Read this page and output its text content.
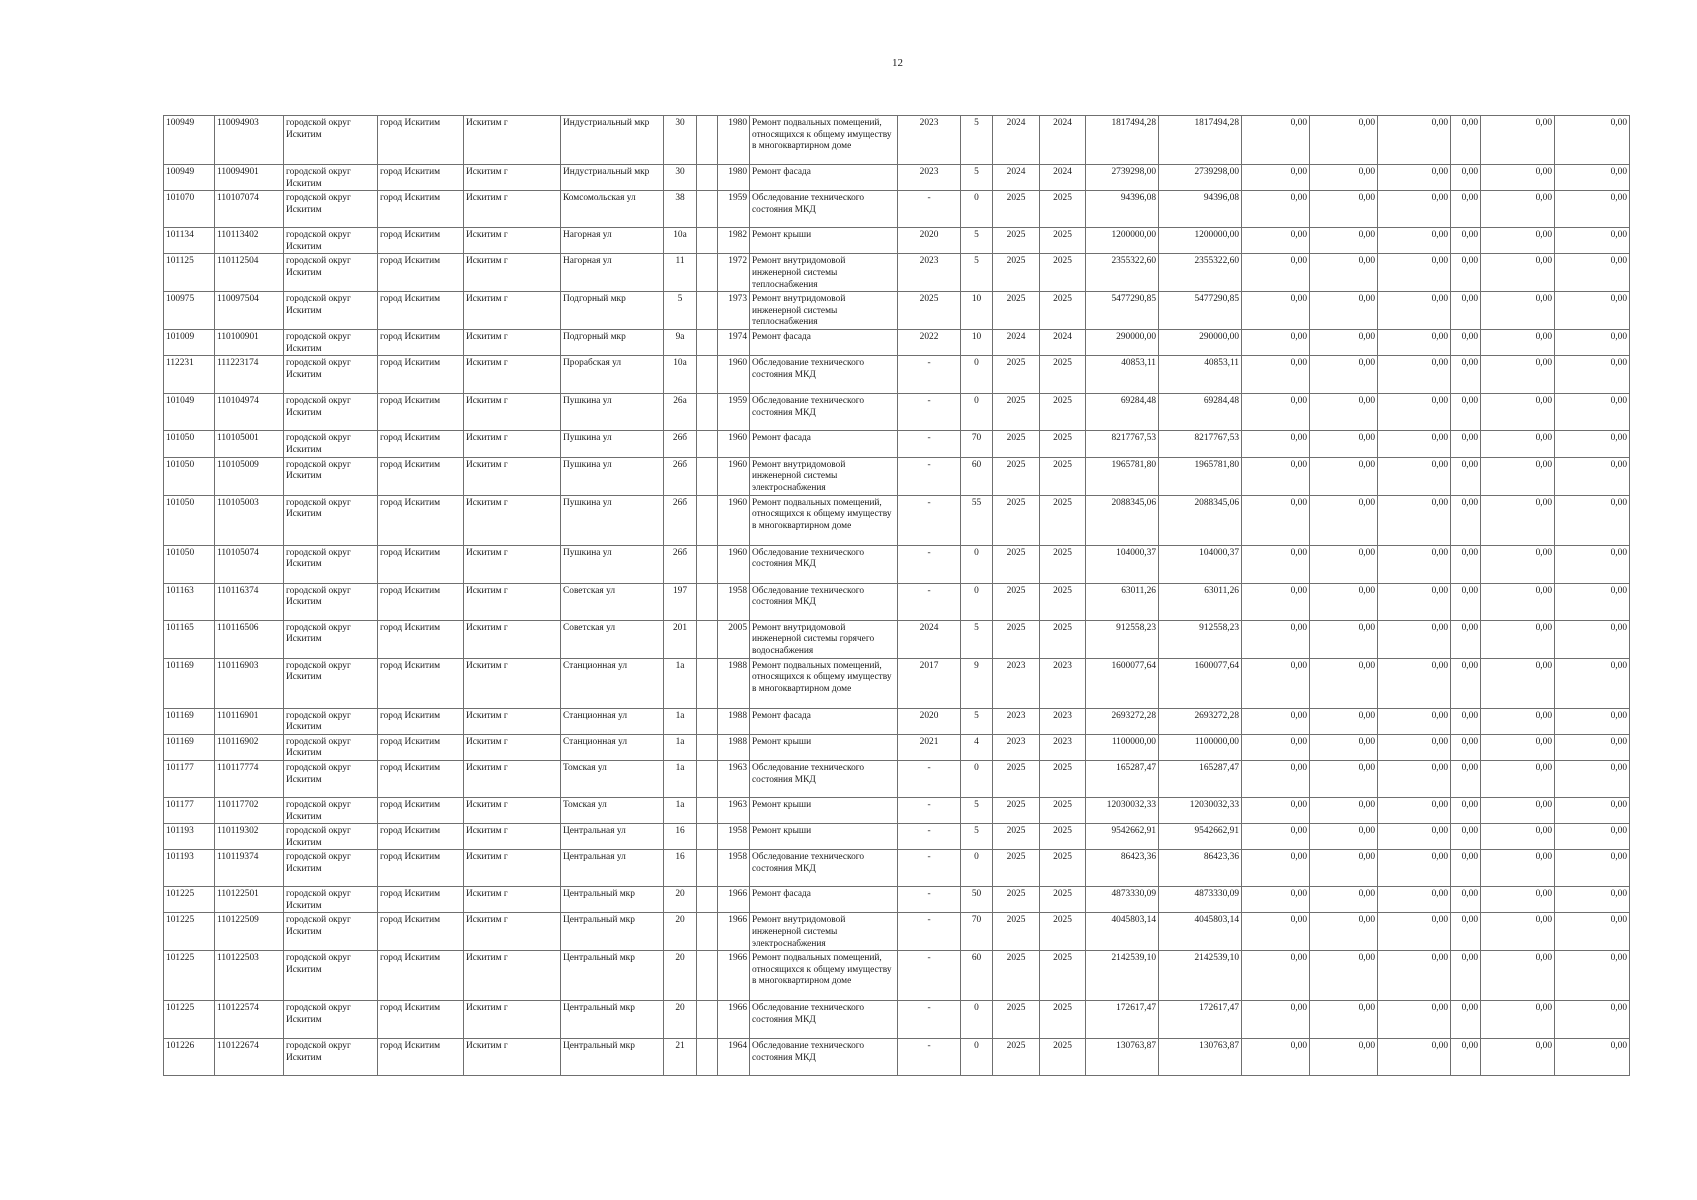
12
100949	110094903	городской округ Искитим	город Искитим	Искитим г	Индустриальный мкр	30		1980	Ремонт подвальных помещений, относящихся к общему имуществу в многоквартирном доме	2023	5	2024	2024	1817494,28	1817494,28	0,00	0,00	0,00	0,00	0,00	0,00
100949	110094901	городской округ Искитим	город Искитим	Искитим г	Индустриальный мкр	30		1980	Ремонт фасада	2023	5	2024	2024	2739298,00	2739298,00	0,00	0,00	0,00	0,00	0,00	0,00
101070	110107074	городской округ Искитим	город Искитим	Искитим г	Комсомольская ул	38		1959	Обследование технического состояния МКД	-	0	2025	2025	94396,08	94396,08	0,00	0,00	0,00	0,00	0,00	0,00
101134	110113402	городской округ Искитим	город Искитим	Искитим г	Нагорная ул	10а		1982	Ремонт крыши	2020	5	2025	2025	1200000,00	1200000,00	0,00	0,00	0,00	0,00	0,00	0,00
101125	110112504	городской округ Искитим	город Искитим	Искитим г	Нагорная ул	11		1972	Ремонт внутридомовой инженерной системы теплоснабжения	2023	5	2025	2025	2355322,60	2355322,60	0,00	0,00	0,00	0,00	0,00	0,00
100975	110097504	городской округ Искитим	город Искитим	Искитим г	Подгорный мкр	5		1973	Ремонт внутридомовой инженерной системы теплоснабжения	2025	10	2025	2025	5477290,85	5477290,85	0,00	0,00	0,00	0,00	0,00	0,00
101009	110100901	городской округ Искитим	город Искитим	Искитим г	Подгорный мкр	9а		1974	Ремонт фасада	2022	10	2024	2024	290000,00	290000,00	0,00	0,00	0,00	0,00	0,00	0,00
112231	111223174	городской округ Искитим	город Искитим	Искитим г	Прорабская ул	10а		1960	Обследование технического состояния МКД	-	0	2025	2025	40853,11	40853,11	0,00	0,00	0,00	0,00	0,00	0,00
101049	110104974	городской округ Искитим	город Искитим	Искитим г	Пушкина ул	26а		1959	Обследование технического состояния МКД	-	0	2025	2025	69284,48	69284,48	0,00	0,00	0,00	0,00	0,00	0,00
101050	110105001	городской округ Искитим	город Искитим	Искитим г	Пушкина ул	26б		1960	Ремонт фасада	-	70	2025	2025	8217767,53	8217767,53	0,00	0,00	0,00	0,00	0,00	0,00
101050	110105009	городской округ Искитим	город Искитим	Искитим г	Пушкина ул	26б		1960	Ремонт внутридомовой инженерной системы электроснабжения	-	60	2025	2025	1965781,80	1965781,80	0,00	0,00	0,00	0,00	0,00	0,00
101050	110105003	городской округ Искитим	город Искитим	Искитим г	Пушкина ул	26б		1960	Ремонт подвальных помещений, относящихся к общему имуществу в многоквартирном доме	-	55	2025	2025	2088345,06	2088345,06	0,00	0,00	0,00	0,00	0,00	0,00
101050	110105074	городской округ Искитим	город Искитим	Искитим г	Пушкина ул	26б		1960	Обследование технического состояния МКД	-	0	2025	2025	104000,37	104000,37	0,00	0,00	0,00	0,00	0,00	0,00
101163	110116374	городской округ Искитим	город Искитим	Искитим г	Советская ул	197		1958	Обследование технического состояния МКД	-	0	2025	2025	63011,26	63011,26	0,00	0,00	0,00	0,00	0,00	0,00
101165	110116506	городской округ Искитим	город Искитим	Искитим г	Советская ул	201		2005	Ремонт внутридомовой инженерной системы горячего водоснабжения	2024	5	2025	2025	912558,23	912558,23	0,00	0,00	0,00	0,00	0,00	0,00
101169	110116903	городской округ Искитим	город Искитим	Искитим г	Станционная ул	1а		1988	Ремонт подвальных помещений, относящихся к общему имуществу в многоквартирном доме	2017	9	2023	2023	1600077,64	1600077,64	0,00	0,00	0,00	0,00	0,00	0,00
101169	110116901	городской округ Искитим	город Искитим	Искитим г	Станционная ул	1а		1988	Ремонт фасада	2020	5	2023	2023	2693272,28	2693272,28	0,00	0,00	0,00	0,00	0,00	0,00
101169	110116902	городской округ Искитим	город Искитим	Искитим г	Станционная ул	1а		1988	Ремонт крыши	2021	4	2023	2023	1100000,00	1100000,00	0,00	0,00	0,00	0,00	0,00	0,00
101177	110117774	городской округ Искитим	город Искитим	Искитим г	Томская ул	1а		1963	Обследование технического состояния МКД	-	0	2025	2025	165287,47	165287,47	0,00	0,00	0,00	0,00	0,00	0,00
101177	110117702	городской округ Искитим	город Искитим	Искитим г	Томская ул	1а		1963	Ремонт крыши	-	5	2025	2025	12030032,33	12030032,33	0,00	0,00	0,00	0,00	0,00	0,00
101193	110119302	городской округ Искитим	город Искитим	Искитим г	Центральная ул	16		1958	Ремонт крыши	-	5	2025	2025	9542662,91	9542662,91	0,00	0,00	0,00	0,00	0,00	0,00
101193	110119374	городской округ Искитим	город Искитим	Искитим г	Центральная ул	16		1958	Обследование технического состояния МКД	-	0	2025	2025	86423,36	86423,36	0,00	0,00	0,00	0,00	0,00	0,00
101225	110122501	городской округ Искитим	город Искитим	Искитим г	Центральный мкр	20		1966	Ремонт фасада	-	50	2025	2025	4873330,09	4873330,09	0,00	0,00	0,00	0,00	0,00	0,00
101225	110122509	городской округ Искитим	город Искитим	Искитим г	Центральный мкр	20		1966	Ремонт внутридомовой инженерной системы электроснабжения	-	70	2025	2025	4045803,14	4045803,14	0,00	0,00	0,00	0,00	0,00	0,00
101225	110122503	городской округ Искитим	город Искитим	Искитим г	Центральный мкр	20		1966	Ремонт подвальных помещений, относящихся к общему имуществу в многоквартирном доме	-	60	2025	2025	2142539,10	2142539,10	0,00	0,00	0,00	0,00	0,00	0,00
101225	110122574	городской округ Искитим	город Искитим	Искитим г	Центральный мкр	20		1966	Обследование технического состояния МКД	-	0	2025	2025	172617,47	172617,47	0,00	0,00	0,00	0,00	0,00	0,00
101226	110122674	городской округ Искитим	город Искитим	Искитим г	Центральный мкр	21		1964	Обследование технического состояния МКД	-	0	2025	2025	130763,87	130763,87	0,00	0,00	0,00	0,00	0,00	0,00
